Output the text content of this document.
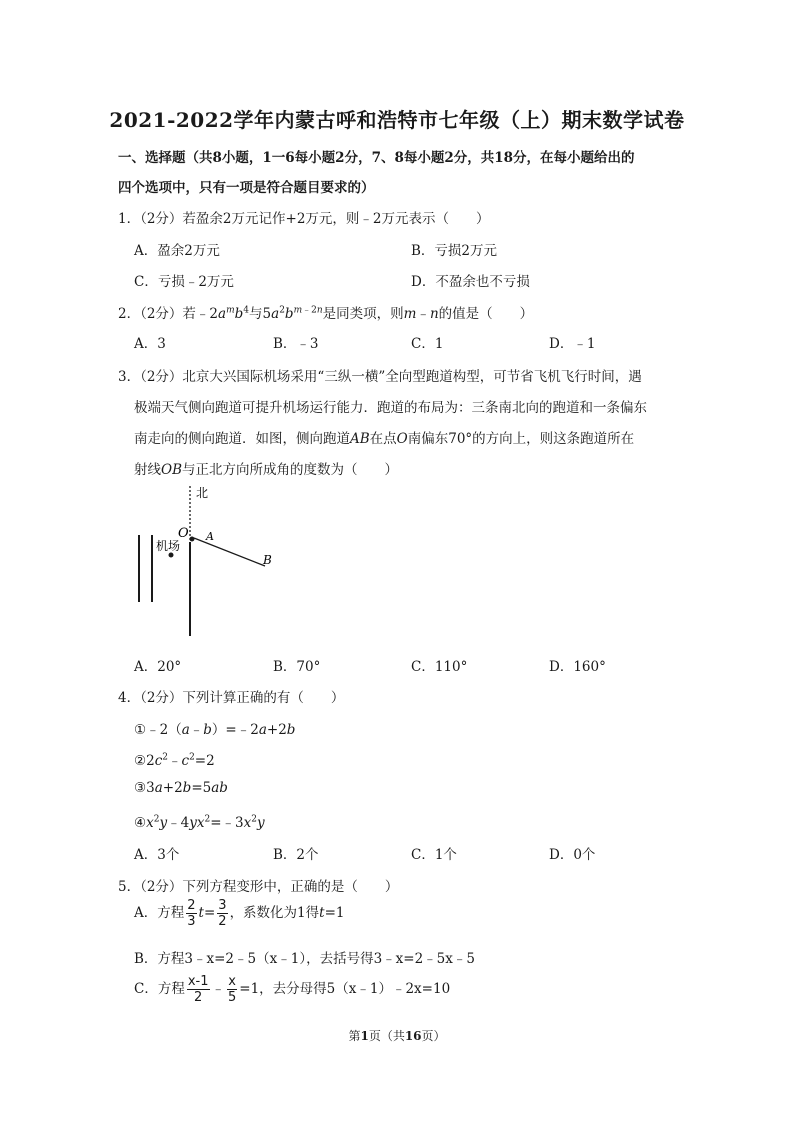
2021-2022学年内蒙古呼和浩特市七年级（上）期末数学试卷
一、选择题（共8小题，1一6每小题2分，7、8每小题2分，共18分，在每小题给出的
四个选项中，只有一项是符合题目要求的）
1．（2分）若盈余2万元记作+2万元，则﹣2万元表示（　　）
A．盈余2万元	B．亏损2万元
C．亏损﹣2万元	D．不盈余也不亏损
2．（2分）若$﹣2a^mb^4$与$5a^2b^{m﹣2n}$是同类项，则m﹣n的值是（　　）
A．3	B．﹣3	C．1	D．﹣1
3．（2分）北京大兴国际机场采用“三纵一横”全向型跑道构型，可节省飞机飞行时间，遇
极端天气侧向跑道可提升机场运行能力．跑道的布局为：三条南北向的跑道和一条偏东
南走向的侧向跑道．如图，侧向跑道AB在点O南偏东70°的方向上，则这条跑道所在
射线OB与正北方向所成角的度数为（　　）
北
O A
机场
B
A．20°	B．70°	C．110°	D．160°
4．（2分）下列计算正确的有（　　）
①﹣2（a﹣b）=﹣2a+2b
$②2c^2﹣c^2=2$
③3a+2b=5ab
$④x^2y﹣4yx^2=﹣3x^2y$
A．3个	B．2个	C．1个	D．0个
5．（2分）下列方程变形中，正确的是（　　）
A．方程 $\frac{2}{3} t= \frac{3}{2}$ ，系数化为1得t=1
B．方程3﹣x=2﹣5（x﹣1），去括号得3﹣x=2﹣5x﹣5
C．方程 $\frac{x-1}{2}$ ﹣ $\frac{x}{5} =1$，去分母得5（x﹣1）﹣2x=10
第1页（共16页）
